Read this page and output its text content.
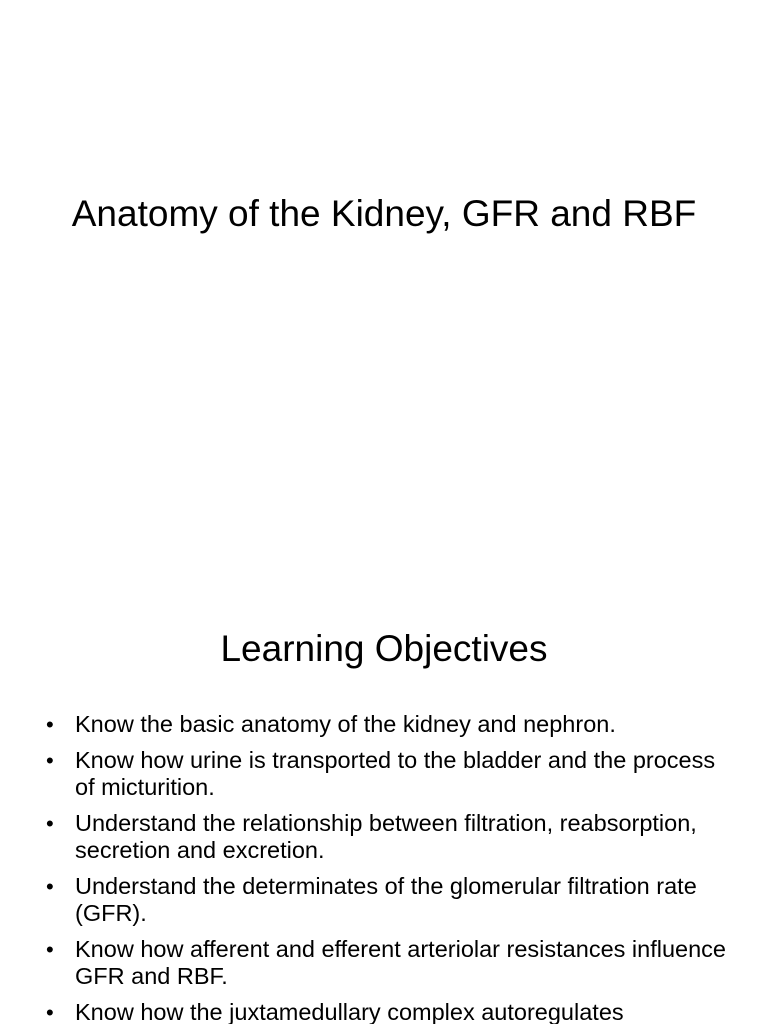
Anatomy of the Kidney, GFR and RBF
Learning Objectives
• Know the basic anatomy of the kidney and nephron.
• Know how urine is transported to the bladder and the process of micturition.
• Understand the relationship between filtration, reabsorption, secretion and excretion.
• Understand the determinates of the glomerular filtration rate (GFR).
• Know how afferent and efferent arteriolar resistances influence GFR and RBF.
• Know how the juxtamedullary complex autoregulates
